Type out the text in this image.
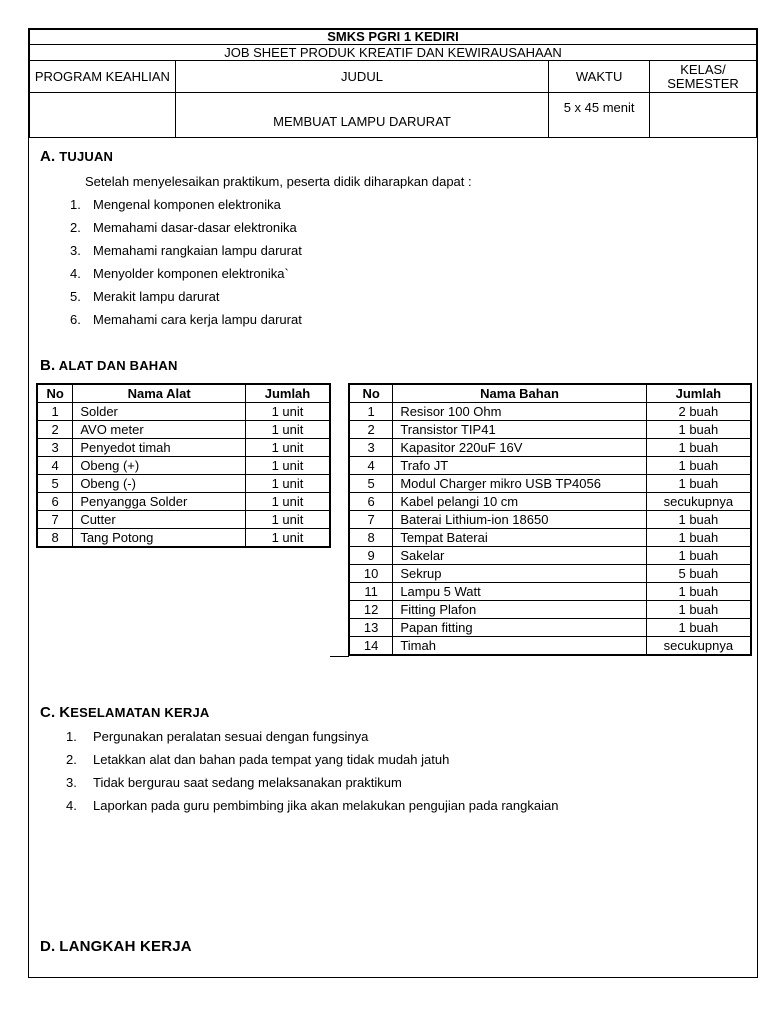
SMKS PGRI 1 KEDIRI			
JOB SHEET PRODUK KREATIF DAN KEWIRAUSAHAAN			
PROGRAM KEAHLIAN	JUDUL	WAKTU	KELAS/ SEMESTER
	MEMBUAT LAMPU DARURAT	5 x 45 menit	
A. TUJUAN
Setelah menyelesaikan praktikum, peserta didik diharapkan dapat :
1. Mengenal komponen elektronika
2. Memahami dasar-dasar elektronika
3. Memahami rangkaian lampu darurat
4. Menyolder komponen elektronika`
5. Merakit lampu darurat
6. Memahami cara kerja lampu darurat
B. ALAT DAN BAHAN
No	Nama Alat	Jumlah
1	Solder	1 unit
2	AVO meter	1 unit
3	Penyedot timah	1 unit
4	Obeng (+)	1 unit
5	Obeng (-)	1 unit
6	Penyangga Solder	1 unit
7	Cutter	1 unit
8	Tang Potong	1 unit
No	Nama Bahan	Jumlah
1	Resisor 100 Ohm	2 buah
2	Transistor TIP41	1 buah
3	Kapasitor 220uF 16V	1 buah
4	Trafo JT	1 buah
5	Modul Charger mikro USB TP4056	1 buah
6	Kabel pelangi 10 cm	secukupnya
7	Baterai Lithium-ion 18650	1 buah
8	Tempat Baterai	1 buah
9	Sakelar	1 buah
10	Sekrup	5 buah
11	Lampu 5 Watt	1 buah
12	Fitting Plafon	1 buah
13	Papan fitting	1 buah
14	Timah	secukupnya
C. KESELAMATAN KERJA
1. Pergunakan peralatan sesuai dengan fungsinya
2. Letakkan alat dan bahan pada tempat yang tidak mudah jatuh
3. Tidak bergurau saat sedang melaksanakan praktikum
4. Laporkan pada guru pembimbing jika akan melakukan pengujian pada rangkaian
D. LANGKAH KERJA
